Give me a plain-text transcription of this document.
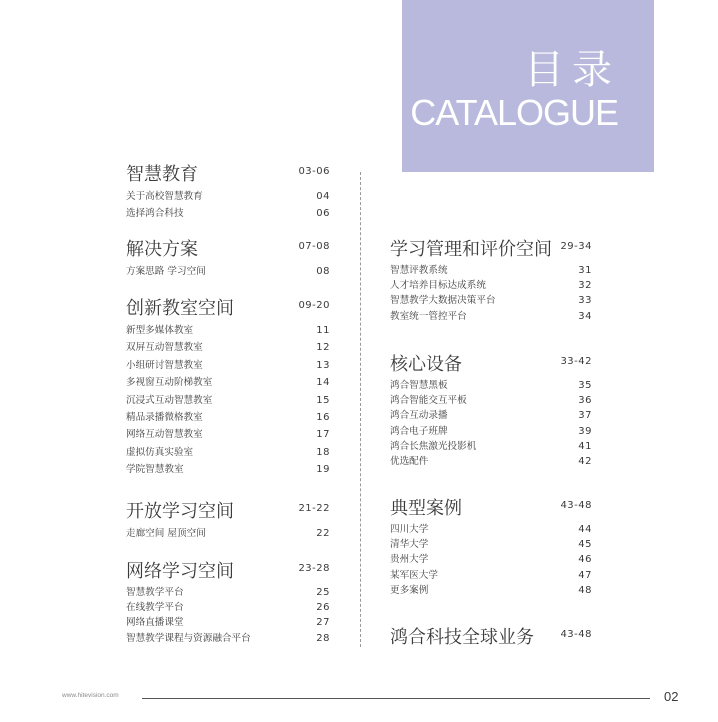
目录
CATALOGUE
智慧教育	03-06
关于高校智慧教育	04
选择鸿合科技	06
解决方案	07-08
方案思路 学习空间	08
创新教室空间	09-20
新型多媒体教室	11
双屏互动智慧教室	12
小组研讨智慧教室	13
多视窗互动阶梯教室	14
沉浸式互动智慧教室	15
精品录播微格教室	16
网络互动智慧教室	17
虚拟仿真实验室	18
学院智慧教室	19
开放学习空间	21-22
走廊空间 屋顶空间	22
网络学习空间	23-28
智慧教学平台	25
在线教学平台	26
网络直播课堂	27
智慧教学课程与资源融合平台	28
学习管理和评价空间 29-34
智慧评教系统	31
人才培养目标达成系统	32
智慧教学大数据决策平台	33
教室统一管控平台	34
核心设备	33-42
鸿合智慧黑板	35
鸿合智能交互平板	36
鸿合互动录播	37
鸿合电子班牌	39
鸿合长焦激光投影机	41
优选配件	42
典型案例	43-48
四川大学	44
清华大学	45
贵州大学	46
某军医大学	47
更多案例	48
鸿合科技全球业务	43-48
www.hitevision.com	02
